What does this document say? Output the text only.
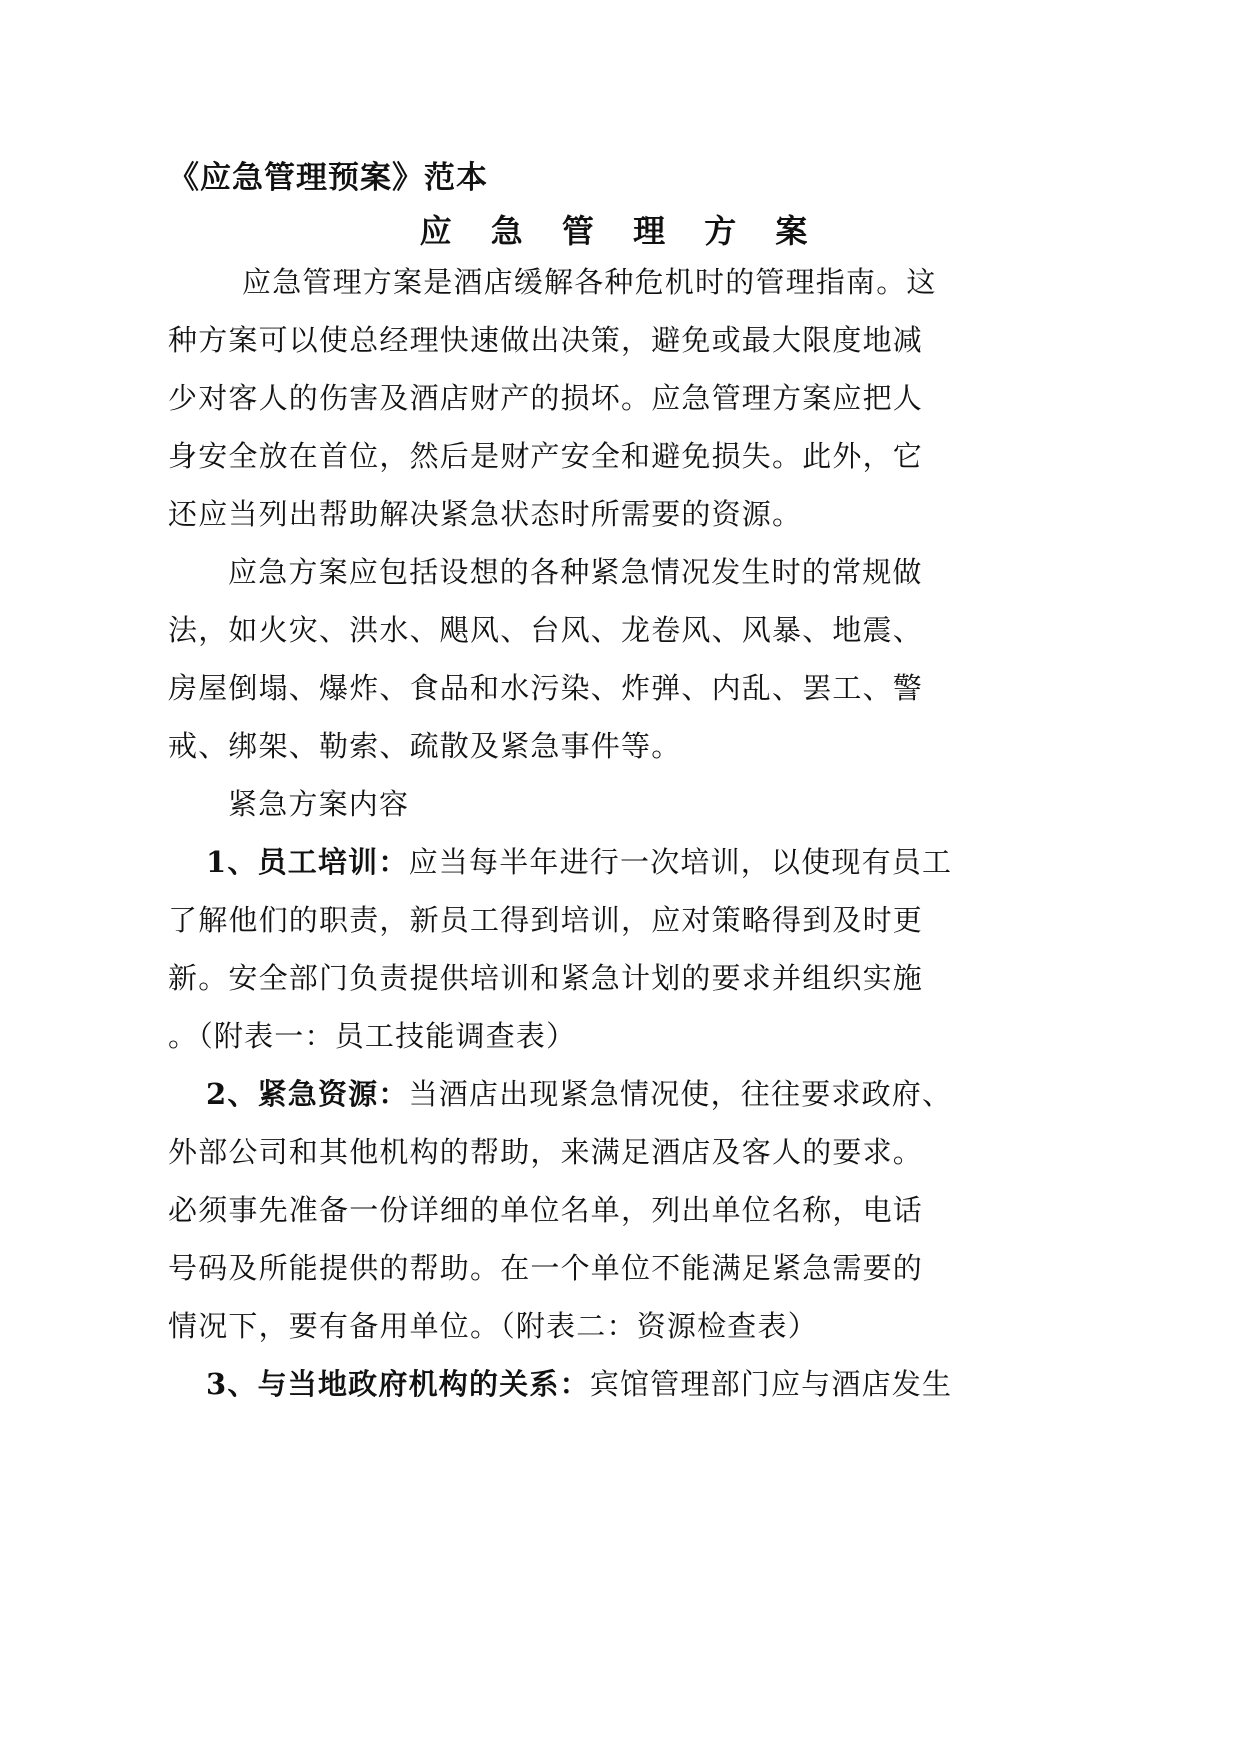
《应急管理预案》范本
应 急 管 理 方 案
应急管理方案是酒店缓解各种危机时的管理指南。这
种方案可以使总经理快速做出决策，避免或最大限度地减
少对客人的伤害及酒店财产的损坏。应急管理方案应把人
身安全放在首位，然后是财产安全和避免损失。此外，它
还应当列出帮助解决紧急状态时所需要的资源。
应急方案应包括设想的各种紧急情况发生时的常规做
法，如火灾、洪水、飓风、台风、龙卷风、风暴、地震、
房屋倒塌、爆炸、食品和水污染、炸弹、内乱、罢工、警
戒、绑架、勒索、疏散及紧急事件等。
紧急方案内容
1、员工培训：应当每半年进行一次培训，以使现有员工
了解他们的职责，新员工得到培训，应对策略得到及时更
新。安全部门负责提供培训和紧急计划的要求并组织实施
。（附表一：员工技能调查表）
2、紧急资源：当酒店出现紧急情况使，往往要求政府、
外部公司和其他机构的帮助，来满足酒店及客人的要求。
必须事先准备一份详细的单位名单，列出单位名称，电话
号码及所能提供的帮助。在一个单位不能满足紧急需要的
情况下，要有备用单位。（附表二：资源检查表）
3、与当地政府机构的关系：宾馆管理部门应与酒店发生
